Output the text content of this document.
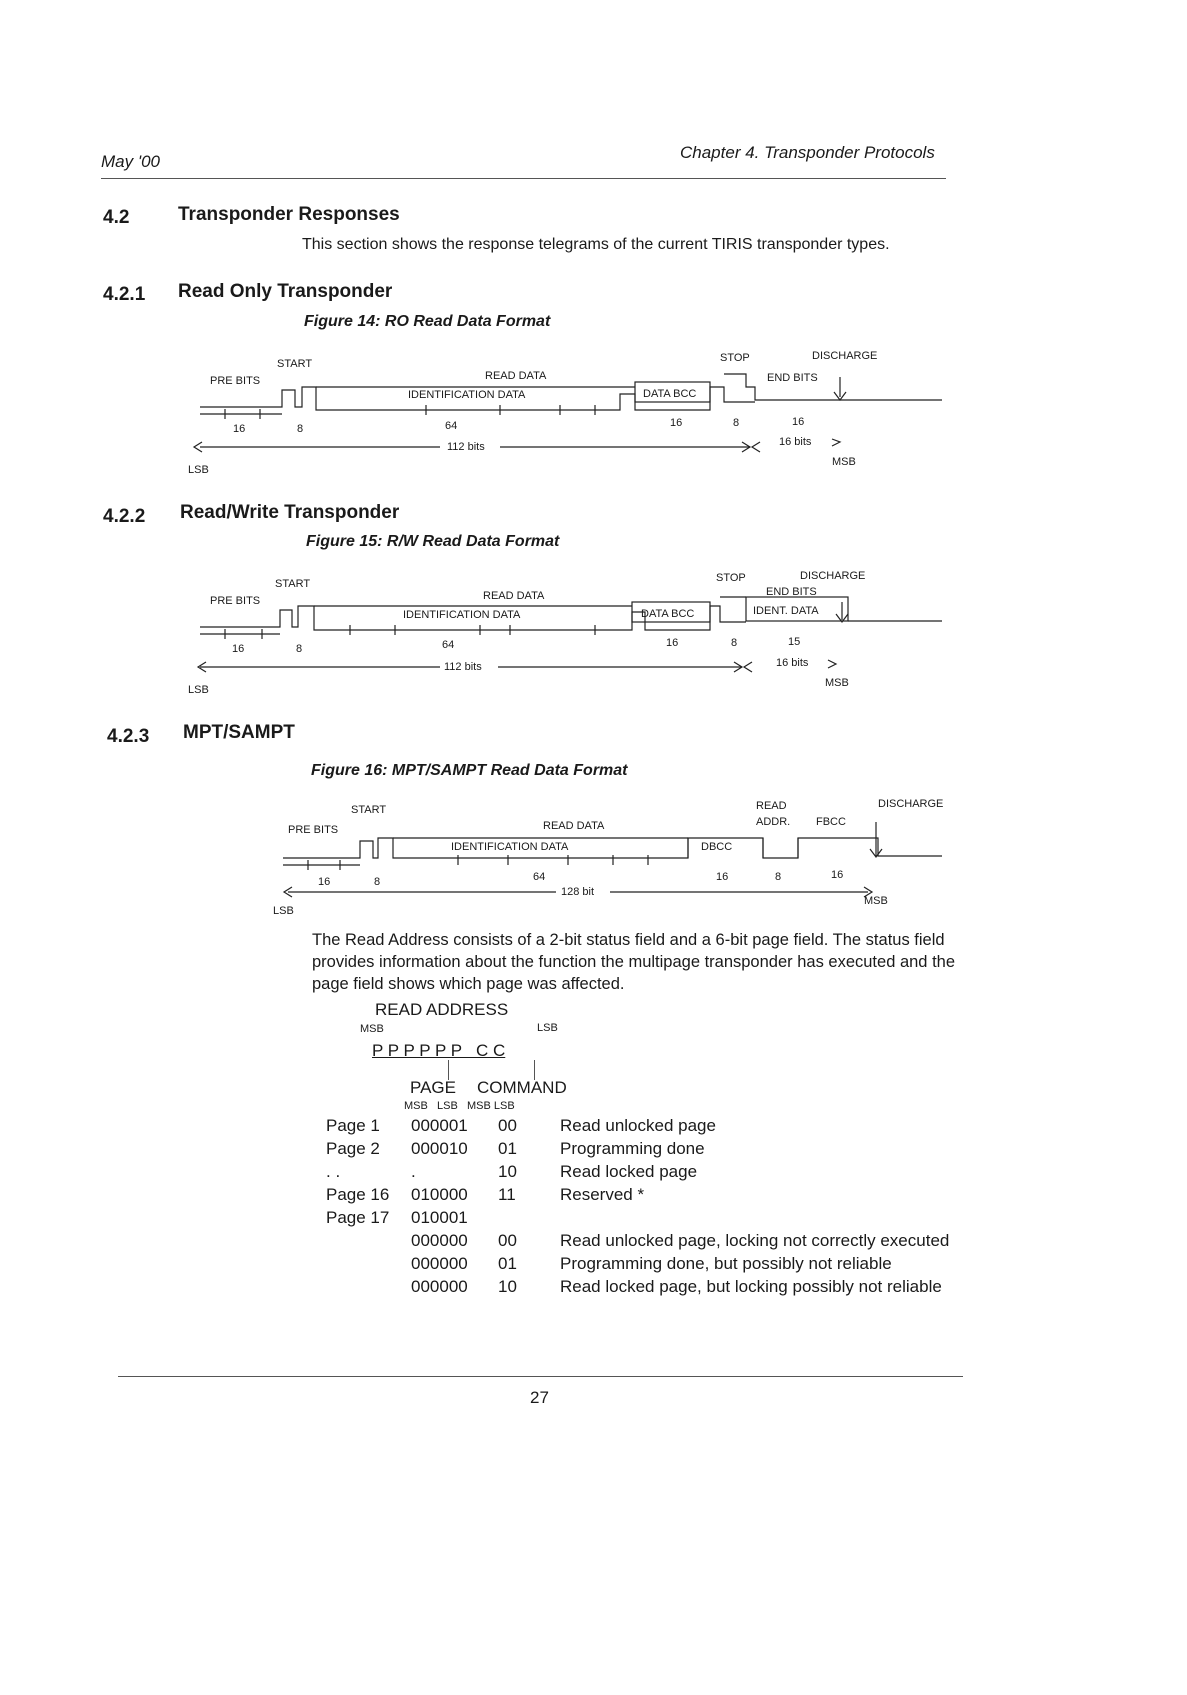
May '00	Chapter 4. Transponder Protocols
4.2	Transponder Responses
This section shows the response telegrams of the current TIRIS transponder types.
4.2.1 Read Only Transponder
Figure 14: RO Read Data Format
START
PRE BITS	READ DATA
IDENTIFICATION DATA	DATA BCC
STOP
END BITS
DISCHARGE
16	8	64	16	8	16
112 bits	16 bits
LSB
MSB
4.2.2 Read/Write Transponder
Figure 15: R/W Read Data Format
START
PRE BITS	READ DATA
IDENTIFICATION DATA	DATA BCC
STOP
END BITS
IDENT. DATA
DISCHARGE
16	8	64	16	8	15
112 bits	16 bits
LSB
MSB
4.2.3 MPT/SAMPT
Figure 16: MPT/SAMPT Read Data Format
START
PRE BITS	READ DATA
IDENTIFICATION DATA	DBCC
READ
ADDR. FBCC
DISCHARGE
16	8	64
128 bit
16	8	16
LSB
MSB
The Read Address consists of a 2-bit status field and a 6-bit page field. The status field provides information about the function the multipage transponder has executed and the page field shows which page was affected.
READ ADDRESS
MSB	LSB
P P P P P P   C C
PAGE COMMAND
MSB   LSB   MSB LSB
Page 1 000001 00	Read unlocked page
Page 2 000010 01	Programming done
. .	.	10	Read locked page
Page 16 010000 11	Reserved *
Page 17 010001
000000 00	Read unlocked page, locking not correctly executed
000000 01	Programming done, but possibly not reliable
000000 10	Read locked page, but locking possibly not reliable
27
